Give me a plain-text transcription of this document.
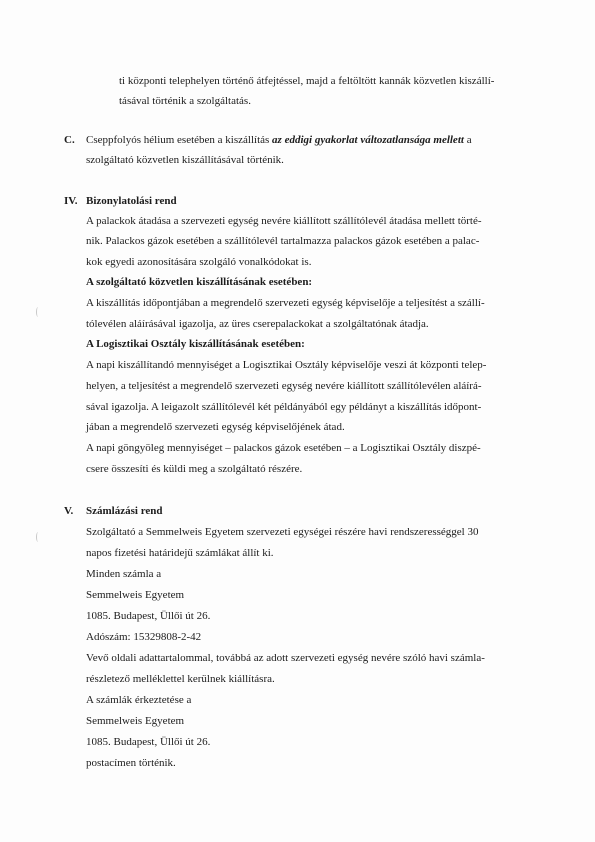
ti központi telephelyen történő átfejtéssel, majd a feltöltött kannák közvetlen kiszállí-
tásával történik a szolgáltatás.
C. Cseppfolyós hélium esetében a kiszállítás az eddigi gyakorlat változatlansága mellett a
szolgáltató közvetlen kiszállításával történik.
IV. Bizonylatolási rend
A palackok átadása a szervezeti egység nevére kiállított szállítólevél átadása mellett törté-
nik. Palackos gázok esetében a szállítólevél tartalmazza palackos gázok esetében a palac-
kok egyedi azonosítására szolgáló vonalkódokat is.
A szolgáltató közvetlen kiszállításának esetében:
A kiszállítás időpontjában a megrendelő szervezeti egység képviselője a teljesítést a szállí-
tólevélen aláírásával igazolja, az üres cserepalackokat a szolgáltatónak átadja.
A Logisztikai Osztály kiszállításának esetében:
A napi kiszállítandó mennyiséget a Logisztikai Osztály képviselője veszi át központi telep-
helyen, a teljesítést a megrendelő szervezeti egység nevére kiállított szállítólevélen aláírá-
sával igazolja. A leigazolt szállítólevél két példányából egy példányt a kiszállítás időpont-
jában a megrendelő szervezeti egység képviselőjének átad.
A napi göngyöleg mennyiséget – palackos gázok esetében – a Logisztikai Osztály diszpé-
csere összesíti és küldi meg a szolgáltató részére.
V. Számlázási rend
Szolgáltató a Semmelweis Egyetem szervezeti egységei részére havi rendszerességgel 30
napos fizetési határidejű számlákat állít ki.
Minden számla a
Semmelweis Egyetem
1085. Budapest, Üllői út 26.
Adószám: 15329808-2-42
Vevő oldali adattartalommal, továbbá az adott szervezeti egység nevére szóló havi számla-
részletező melléklettel kerülnek kiállításra.
A számlák érkeztetése a
Semmelweis Egyetem
1085. Budapest, Üllői út 26.
postacímen történik.
